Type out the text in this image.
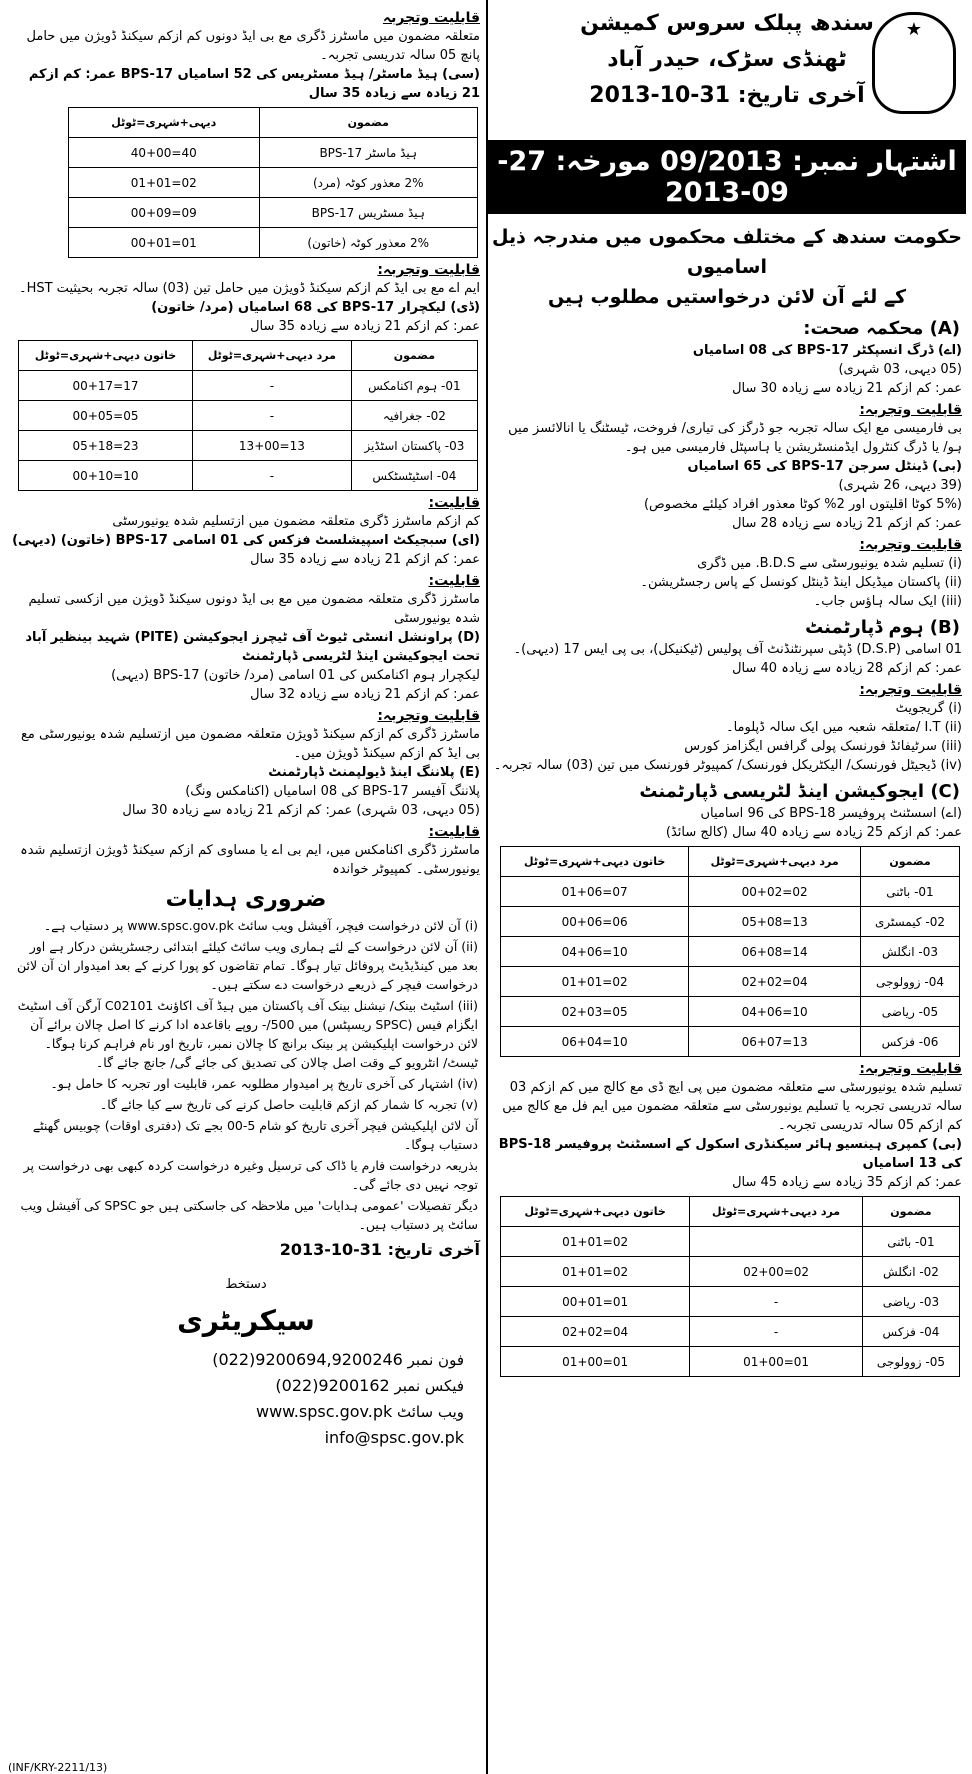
★
سندھ پبلک سروس کمیشن
ٹھنڈی سڑک، حیدر آباد
آخری تاریخ: 31-10-2013
اشتہار نمبر: 09/2013 مورخہ: 27-09-2013
حکومت سندھ کے مختلف محکموں میں مندرجہ ذیل اسامیوں
کے لئے آن لائن درخواستیں مطلوب ہیں
(A) محکمہ صحت:
(اے) ڈرگ انسپکٹر BPS-17 کی 08 اسامیاں
(05 دیہی، 03 شہری)
عمر: کم ازکم 21 زیادہ سے زیادہ 30 سال
قابلیت وتجربہ:
بی فارمیسی مع ایک سالہ تجربہ جو ڈرگز کی تیاری/ فروخت، ٹیسٹنگ یا انالائسز میں ہو/ یا ڈرگ کنٹرول ایڈمنسٹریشن یا ہاسپٹل فارمیسی میں ہو۔
(بی) ڈینٹل سرجن BPS-17 کی 65 اسامیاں
(39 دیہی، 26 شہری)
(5% کوٹا اقلیتوں اور 2% کوٹا معذور افراد کیلئے مخصوص)
عمر: کم ازکم 21 زیادہ سے زیادہ 28 سال
قابلیت وتجربہ:
(i) تسلیم شدہ یونیورسٹی سے B.D.S. میں ڈگری
(ii) پاکستان میڈیکل اینڈ ڈینٹل کونسل کے پاس رجسٹریشن۔
(iii) ایک سالہ ہاؤس جاب۔
(B) ہوم ڈپارٹمنٹ
01 اسامی (D.S.P) ڈپٹی سپرنٹنڈنٹ آف پولیس (ٹیکنیکل)، بی پی ایس 17 (دیہی)۔
عمر: کم ازکم 28 زیادہ سے زیادہ 40 سال
قابلیت وتجربہ:
(i) گریجویٹ
(ii) I.T /متعلقہ شعبہ میں ایک سالہ ڈپلوما۔
(iii) سرٹیفائڈ فورنسک پولی گرافس ایگزامز کورس
(iv) ڈیجیٹل فورنسک/ الیکٹریکل فورنسک/ کمپیوٹر فورنسک میں تین (03) سالہ تجربہ۔
(C) ایجوکیشن اینڈ لٹریسی ڈپارٹمنٹ
(اے) اسسٹنٹ پروفیسر BPS-18 کی 96 اسامیاں
عمر: کم ازکم 25 زیادہ سے زیادہ 40 سال (کالج سائڈ)
مضمون	مرد دیہی+شہری=ٹوٹل	خاتون دیہی+شہری=ٹوٹل
01- باٹنی	02=00+02	07=01+06
02- کیمسٹری	13=05+08	06=00+06
03- انگلش	14=06+08	10=04+06
04- زوولوجی	04=02+02	02=01+01
05- ریاضی	10=04+06	05=02+03
06- فزکس	13=06+07	10=06+04
قابلیت وتجربہ:
تسلیم شدہ یونیورسٹی سے متعلقہ مضمون میں پی ایچ ڈی مع کالج میں کم ازکم 03 سالہ تدریسی تجربہ یا تسلیم یونیورسٹی سے متعلقہ مضمون میں ایم فل مع کالج میں کم ازکم 05 سالہ تدریسی تجربہ۔
(بی) کمپری ہینسیو ہائر سیکنڈری اسکول کے اسسٹنٹ پروفیسر BPS-18 کی 13 اسامیاں
عمر: کم ازکم 35 زیادہ سے زیادہ 45 سال
مضمون	مرد دیہی+شہری=ٹوٹل	خاتون دیہی+شہری=ٹوٹل
01- باٹنی		02=01+01
02- انگلش	02=02+00	02=01+01
03- ریاضی	-	01=00+01
04- فزکس	-	04=02+02
05- زوولوجی	01=01+00	01=01+00
قابلیت وتجربہ
متعلقہ مضمون میں ماسٹرز ڈگری مع بی ایڈ دونوں کم ازکم سیکنڈ ڈویژن میں حامل پانچ 05 سالہ تدریسی تجربہ۔
(سی) ہیڈ ماسٹر/ ہیڈ مسٹریس کی 52 اسامیاں BPS-17 عمر: کم ازکم 21 زیادہ سے زیادہ 35 سال
مضمون	دیہی+شہری=ٹوٹل
ہیڈ ماسٹر BPS-17	40=40+00
2% معذور کوٹہ (مرد)	02=01+01
ہیڈ مسٹریس BPS-17	09=00+09
2% معذور کوٹہ (خاتون)	01=00+01
قابلیت وتجربہ:
ایم اے مع بی ایڈ کم ازکم سیکنڈ ڈویژن میں حامل تین (03) سالہ تجربہ بحیثیت HST۔
(ڈی) لیکچرار BPS-17 کی 68 اسامیاں (مرد/ خاتون)
عمر: کم ازکم 21 زیادہ سے زیادہ 35 سال
مضمون	مرد دیہی+شہری=ٹوٹل	خاتون دیہی+شہری=ٹوٹل
01- ہوم اکنامکس	-	17=00+17
02- جغرافیہ	-	05=00+05
03- پاکستان اسٹڈیز	13=13+00	23=05+18
04- اسٹیٹسٹکس	-	10=00+10
قابلیت:
کم ازکم ماسٹرز ڈگری متعلقہ مضمون میں ازتسلیم شدہ یونیورسٹی
(ای) سبجیکٹ اسپیشلسٹ فزکس کی 01 اسامی BPS-17 (خاتون) (دیہی)
عمر: کم ازکم 21 زیادہ سے زیادہ 35 سال
قابلیت:
ماسٹرز ڈگری متعلقہ مضمون میں مع بی ایڈ دونوں سیکنڈ ڈویژن میں ازکسی تسلیم شدہ یونیورسٹی
(D) پراونشل انسٹی ٹیوٹ آف ٹیچرز ایجوکیشن (PITE) شہید بینظیر آباد تحت ایجوکیشن اینڈ لٹریسی ڈپارٹمنٹ
لیکچرار ہوم اکنامکس کی 01 اسامی (مرد/ خاتون) BPS-17 (دیہی)
عمر: کم ازکم 21 زیادہ سے زیادہ 32 سال
قابلیت وتجربہ:
ماسٹرز ڈگری کم ازکم سیکنڈ ڈویژن متعلقہ مضمون میں ازتسلیم شدہ یونیورسٹی مع بی ایڈ کم ازکم سیکنڈ ڈویژن میں۔
(E) پلاننگ اینڈ ڈیولپمنٹ ڈپارٹمنٹ
پلاننگ آفیسر BPS-17 کی 08 اسامیاں (اکنامکس ونگ)
(05 دیہی، 03 شہری) عمر: کم ازکم 21 زیادہ سے زیادہ 30 سال
قابلیت:
ماسٹرز ڈگری اکنامکس میں، ایم بی اے یا مساوی کم ازکم سیکنڈ ڈویژن ازتسلیم شدہ یونیورسٹی۔ کمپیوٹر خواندہ
ضروری ہدایات
(i) آن لائن درخواست فیچر، آفیشل ویب سائٹ www.spsc.gov.pk پر دستیاب ہے۔
(ii) آن لائن درخواست کے لئے ہماری ویب سائٹ کیلئے ابتدائی رجسٹریشن درکار ہے اور بعد میں کینڈیڈیٹ پروفائل تیار ہوگا۔ تمام تقاضوں کو پورا کرنے کے بعد امیدوار ان آن لائن درخواست فیچر کے ذریعے درخواست دے سکتے ہیں۔
(iii) اسٹیٹ بینک/ نیشنل بینک آف پاکستان میں ہیڈ آف اکاؤنٹ C02101 آرگن آف اسٹیٹ ایگزام فیس (SPSC ریسپٹس) میں 500/- روپے باقاعدہ ادا کرنے کا اصل چالان برائے آن لائن درخواست اپلیکیشن پر بینک برانچ کا چالان نمبر، تاریخ اور نام فراہم کرنا ہوگا۔ ٹیسٹ/ انٹرویو کے وقت اصل چالان کی تصدیق کی جائے گی/ جانچ جائے گا۔
(iv) اشتہار کی آخری تاریخ پر امیدوار مطلوبہ عمر، قابلیت اور تجربہ کا حامل ہو۔
(v) تجربہ کا شمار کم ازکم قابلیت حاصل کرنے کی تاریخ سے کیا جائے گا۔
آن لائن اپلیکیشن فیچر آخری تاریخ کو شام 5-00 بجے تک (دفتری اوقات) چوبیس گھنٹے دستیاب ہوگا۔
بذریعہ درخواست فارم یا ڈاک کی ترسیل وغیرہ درخواست کردہ کبھی بھی درخواست پر توجہ نہیں دی جائے گی۔
دیگر تفصیلات 'عمومی ہدایات' میں ملاحظہ کی جاسکتی ہیں جو SPSC کی آفیشل ویب سائٹ پر دستیاب ہیں۔
آخری تاریخ: 31-10-2013
دستخط
سیکریٹری
فون نمبر (022)9200694,9200246
فیکس نمبر (022)9200162
ویب سائٹ www.spsc.gov.pk
info@spsc.gov.pk
(INF/KRY-2211/13)
